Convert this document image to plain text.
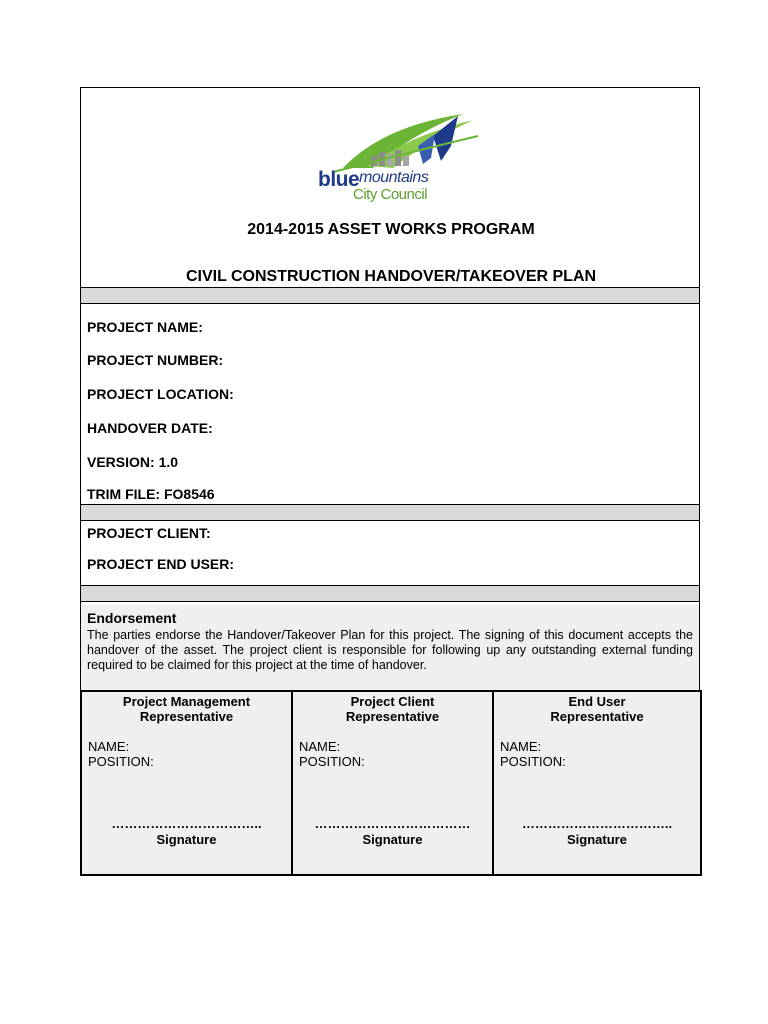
blue mountains
City Council
2014-2015 ASSET WORKS PROGRAM
CIVIL CONSTRUCTION HANDOVER/TAKEOVER PLAN
PROJECT NAME:
PROJECT NUMBER:
PROJECT LOCATION:
HANDOVER DATE:
VERSION: 1.0
TRIM FILE: FO8546
PROJECT CLIENT:
PROJECT END USER:
Endorsement
The parties endorse the Handover/Takeover Plan for this project. The signing of this document accepts the handover of the asset. The project client is responsible for following up any outstanding external funding required to be claimed for this project at the time of handover.
Project Management
Representative
NAME:
POSITION:
……………………………..
Signature
Project Client
Representative
NAME:
POSITION:
………………………………
Signature
End User
Representative
NAME:
POSITION:
……………………………..
Signature
